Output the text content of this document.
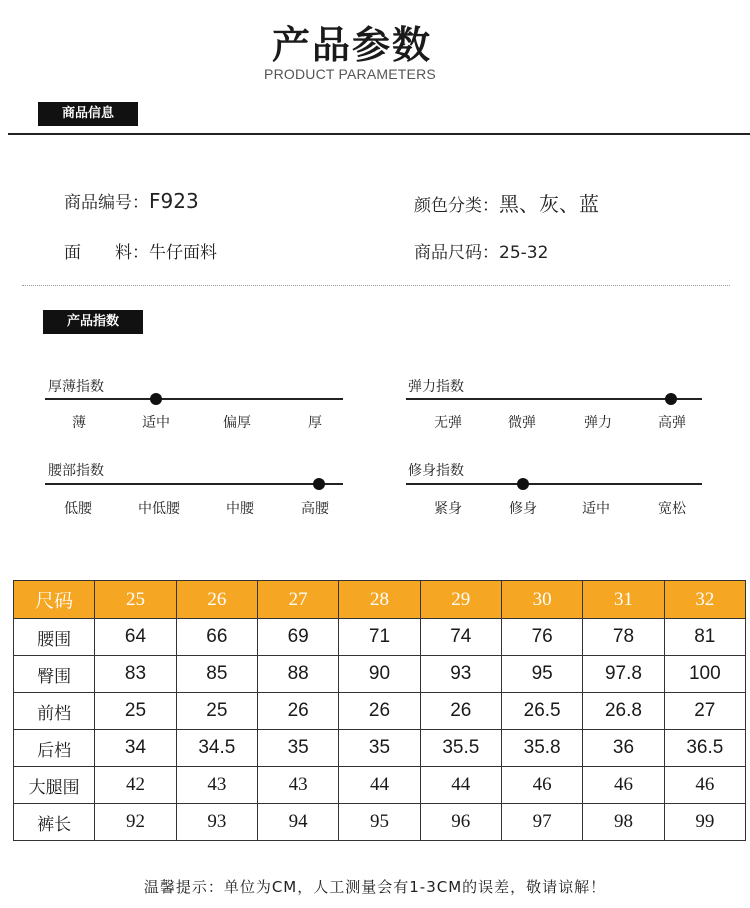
产品参数
PRODUCT PARAMETERS
商品信息
商品编号：F923	颜色分类：黑、灰、蓝
面　　料：牛仔面料	商品尺码：25-32
产品指数
厚薄指数
薄	适中	偏厚	厚
弹力指数
无弹	微弹	弹力	高弹
腰部指数
低腰	中低腰	中腰	高腰
修身指数
紧身	修身	适中	宽松
尺码	25	26	27	28	29	30	31	32
腰围	64	66	69	71	74	76	78	81
臀围	83	85	88	90	93	95	97.8	100
前档	25	25	26	26	26	26.5	26.8	27
后档	34	34.5	35	35	35.5	35.8	36	36.5
大腿围	42	43	43	44	44	46	46	46
裤长	92	93	94	95	96	97	98	99
温馨提示：单位为CM，人工测量会有1-3CM的误差，敬请谅解！
